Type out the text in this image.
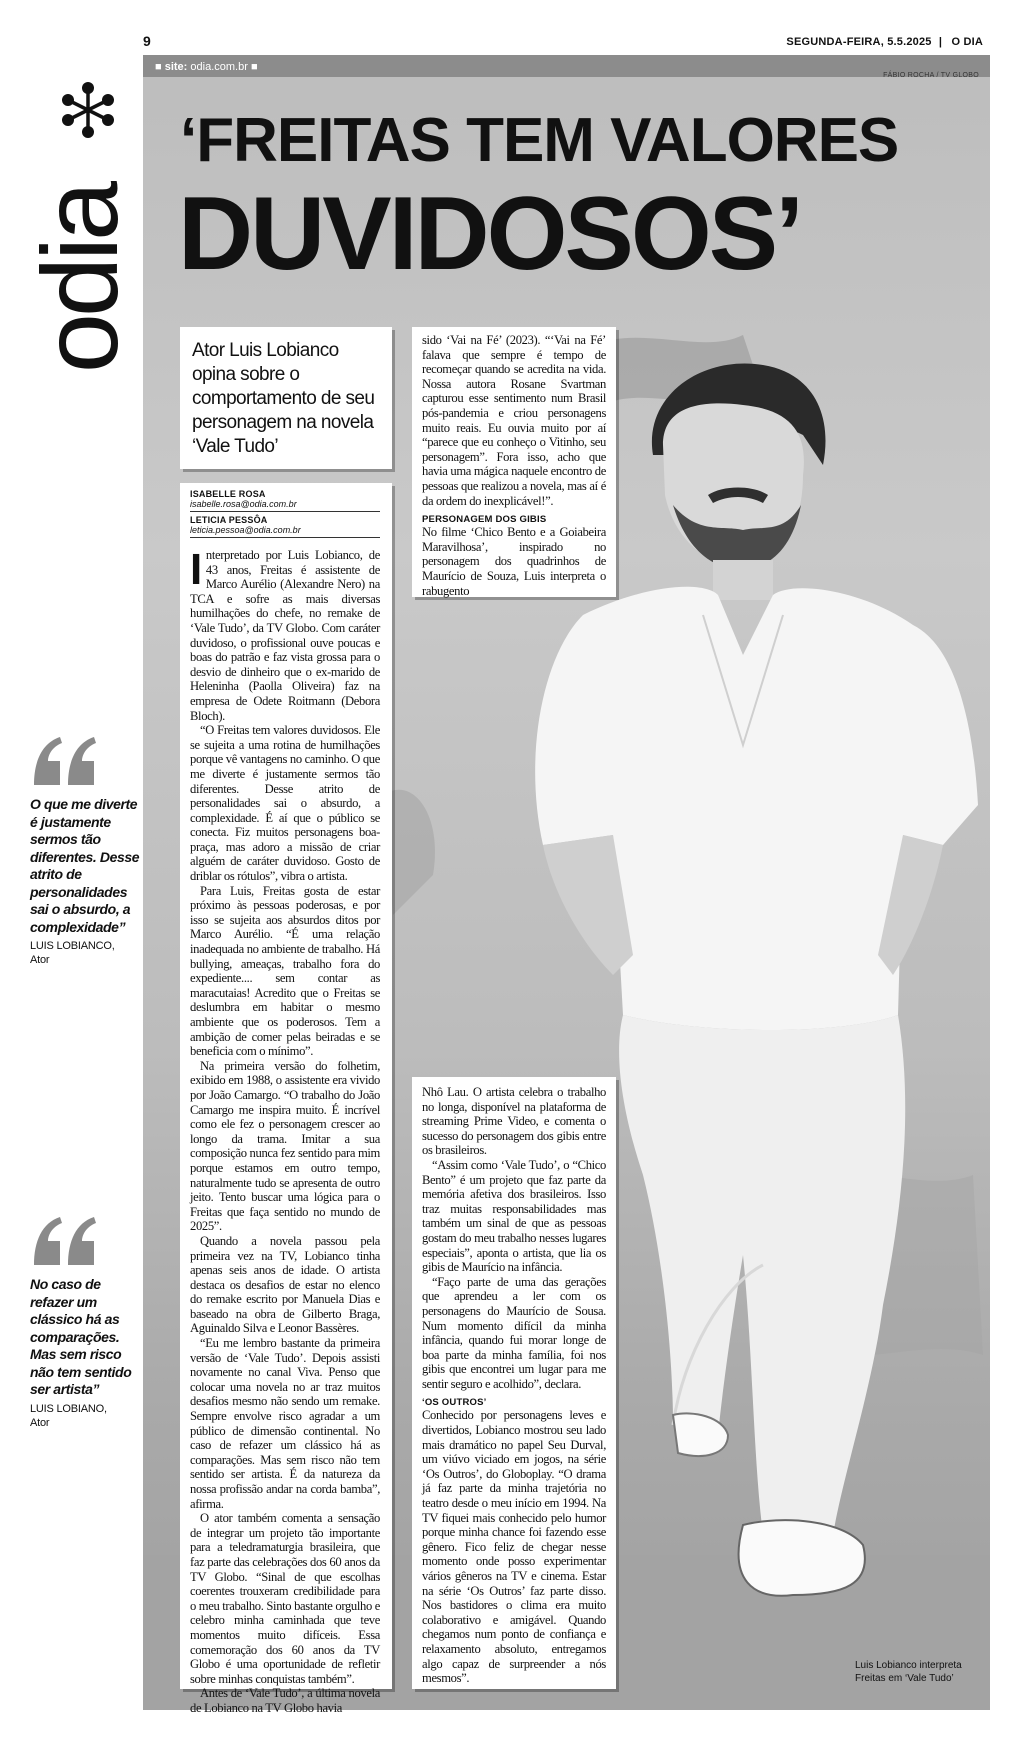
9	SEGUNDA-FEIRA, 5.5.2025 | O DIA
odia
O que me diverte é justamente sermos tão diferentes. Desse atrito de personalidades sai o absurdo, a complexidade”
LUIS LOBIANCO,
Ator
No caso de refazer um clássico há as comparações. Mas sem risco não tem sentido ser artista”
LUIS LOBIANO,
Ator
■ site: odia.com.br ■
FÁBIO ROCHA / TV GLOBO
‘FREITAS TEM VALORES
DUVIDOSOS’
Ator Luis Lobianco opina sobre o comportamento de seu personagem na novela ‘Vale Tudo’
ISABELLE ROSA
isabelle.rosa@odia.com.br
LETICIA PESSÔA
leticia.pessoa@odia.com.br

Interpretado por Luis Lobianco, de 43 anos, Freitas é assistente de Marco Aurélio (Alexandre Nero) na TCA e sofre as mais diversas humilhações do chefe, no remake de ‘Vale Tudo’, da TV Globo. Com caráter duvidoso, o profissional ouve poucas e boas do patrão e faz vista grossa para o desvio de dinheiro que o ex-marido de Heleninha (Paolla Oliveira) faz na empresa de Odete Roitmann (Debora Bloch).

“O Freitas tem valores duvidosos. Ele se sujeita a uma rotina de humilhações porque vê vantagens no caminho. O que me diverte é justamente sermos tão diferentes. Desse atrito de personalidades sai o absurdo, a complexidade. É aí que o público se conecta. Fiz muitos personagens boa-praça, mas adoro a missão de criar alguém de caráter duvidoso. Gosto de driblar os rótulos”, vibra o artista.

Para Luis, Freitas gosta de estar próximo às pessoas poderosas, e por isso se sujeita aos absurdos ditos por Marco Aurélio. “É uma relação inadequada no ambiente de trabalho. Há bullying, ameaças, trabalho fora do expediente.... sem contar as maracutaias! Acredito que o Freitas se deslumbra em habitar o mesmo ambiente que os poderosos. Tem a ambição de comer pelas beiradas e se beneficia com o mínimo”.

Na primeira versão do folhetim, exibido em 1988, o assistente era vivido por João Camargo. “O trabalho do João Camargo me inspira muito. É incrível como ele fez o personagem crescer ao longo da trama. Imitar a sua composição nunca fez sentido para mim porque estamos em outro tempo, naturalmente tudo se apresenta de outro jeito. Tento buscar uma lógica para o Freitas que faça sentido no mundo de 2025”.

Quando a novela passou pela primeira vez na TV, Lobianco tinha apenas seis anos de idade. O artista destaca os desafios de estar no elenco do remake escrito por Manuela Dias e baseado na obra de Gilberto Braga, Aguinaldo Silva e Leonor Bassères.

“Eu me lembro bastante da primeira versão de ‘Vale Tudo’. Depois assisti novamente no canal Viva. Penso que colocar uma novela no ar traz muitos desafios mesmo não sendo um remake. Sempre envolve risco agradar a um público de dimensão continental. No caso de refazer um clássico há as comparações. Mas sem risco não tem sentido ser artista. É da natureza da nossa profissão andar na corda bamba”, afirma.

O ator também comenta a sensação de integrar um projeto tão importante para a teledramaturgia brasileira, que faz parte das celebrações dos 60 anos da TV Globo. “Sinal de que escolhas coerentes trouxeram credibilidade para o meu trabalho. Sinto bastante orgulho e celebro minha caminhada que teve momentos muito difíceis. Essa comemoração dos 60 anos da TV Globo é uma oportunidade de refletir sobre minhas conquistas também”.

Antes de ‘Vale Tudo’, a última novela de Lobianco na TV Globo havia

sido ‘Vai na Fé’ (2023). “‘Vai na Fé’ falava que sempre é tempo de recomeçar quando se acredita na vida. Nossa autora Rosane Svartman capturou esse sentimento num Brasil pós-pandemia e criou personagens muito reais. Eu ouvia muito por aí “parece que eu conheço o Vitinho, seu personagem”. Fora isso, acho que havia uma mágica naquele encontro de pessoas que realizou a novela, mas aí é da ordem do inexplicável!”.

PERSONAGEM DOS GIBIS

No filme ‘Chico Bento e a Goiabeira Maravilhosa’, inspirado no personagem dos quadrinhos de Maurício de Souza, Luis interpreta o rabugento

Nhô Lau. O artista celebra o trabalho no longa, disponível na plataforma de streaming Prime Video, e comenta o sucesso do personagem dos gibis entre os brasileiros.

“Assim como ‘Vale Tudo’, o “Chico Bento” é um projeto que faz parte da memória afetiva dos brasileiros. Isso traz muitas responsabilidades mas também um sinal de que as pessoas gostam do meu trabalho nesses lugares especiais”, aponta o artista, que lia os gibis de Maurício na infância.

“Faço parte de uma das gerações que aprendeu a ler com os personagens do Maurício de Sousa. Num momento difícil da minha infância, quando fui morar longe de boa parte da minha família, foi nos gibis que encontrei um lugar para me sentir seguro e acolhido”, declara.

‘OS OUTROS’

Conhecido por personagens leves e divertidos, Lobianco mostrou seu lado mais dramático no papel Seu Durval, um viúvo viciado em jogos, na série ‘Os Outros’, do Globoplay. “O drama já faz parte da minha trajetória no teatro desde o meu início em 1994. Na TV fiquei mais conhecido pelo humor porque minha chance foi fazendo esse gênero. Fico feliz de chegar nesse momento onde posso experimentar vários gêneros na TV e cinema. Estar na série ‘Os Outros’ faz parte disso. Nos bastidores o clima era muito colaborativo e amigável. Quando chegamos num ponto de confiança e relaxamento absoluto, entregamos algo capaz de surpreender a nós mesmos”.

Luis Lobianco interpreta Freitas em ‘Vale Tudo’
